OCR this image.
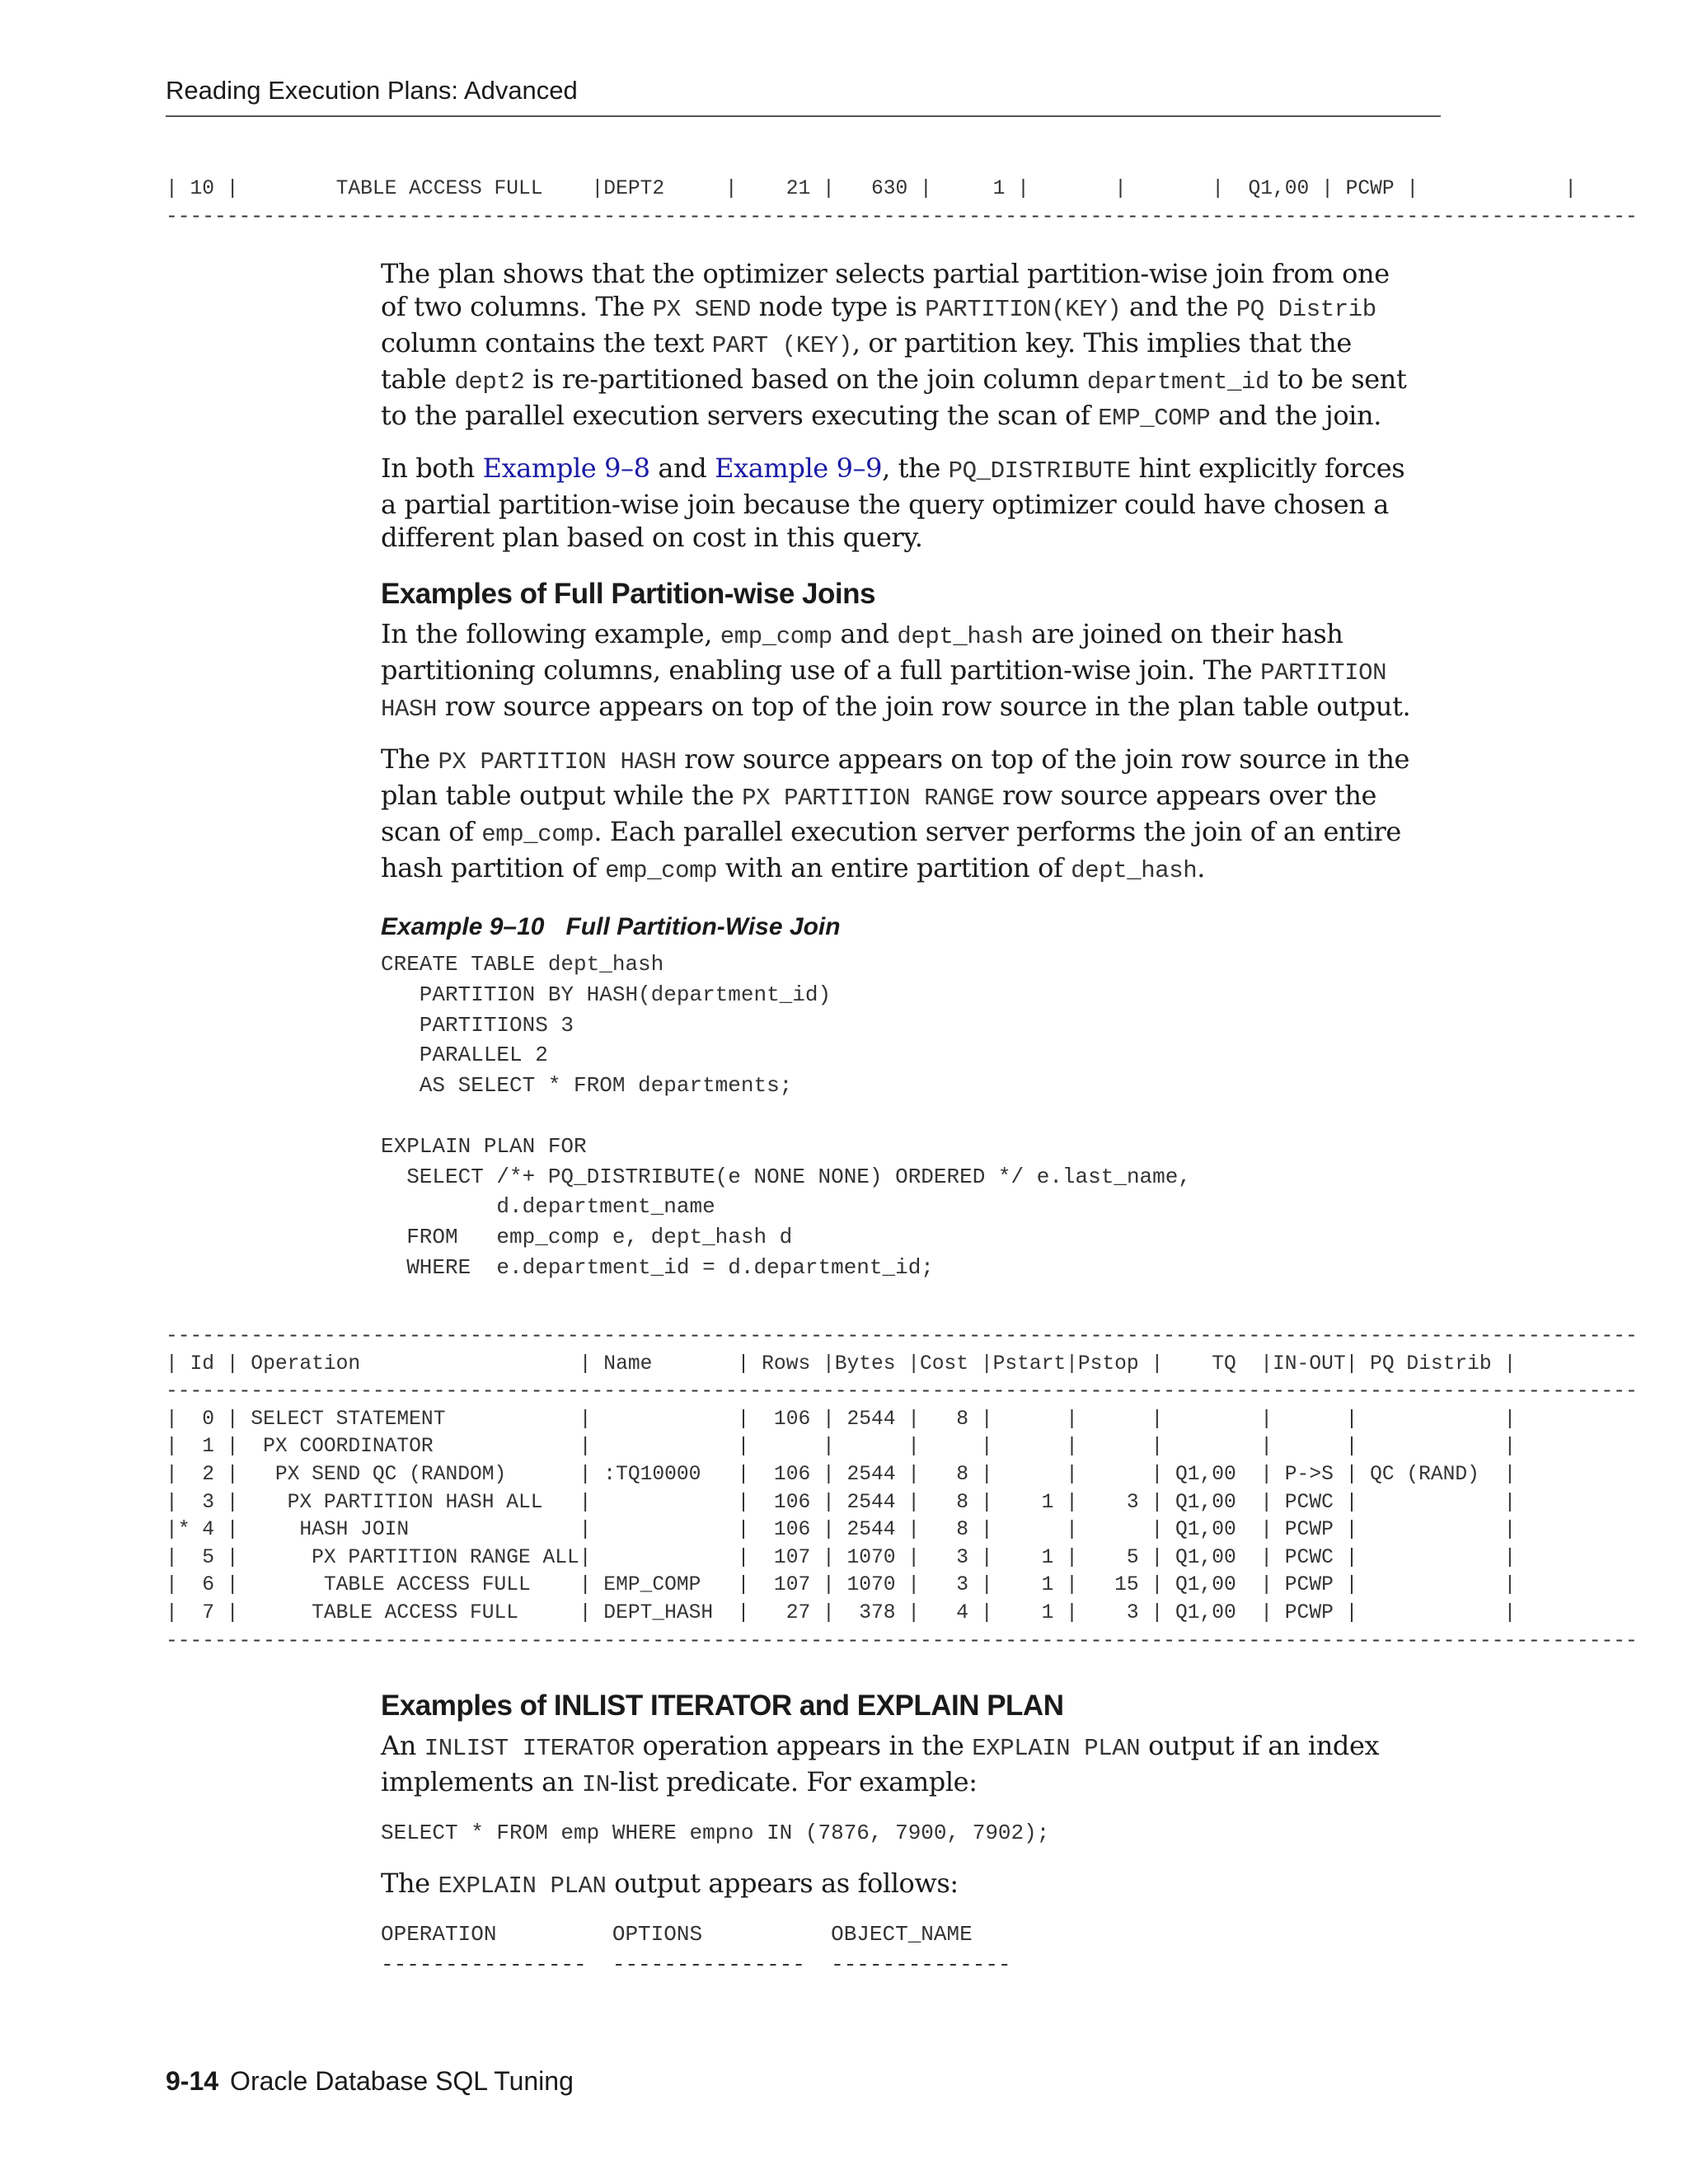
Reading Execution Plans: Advanced
| 10 |        TABLE ACCESS FULL    |DEPT2     |    21 |   630 |     1 |       |       |  Q1,00 | PCWP |            |
-------------------------------------------------------------------------------------------------------------------------

The plan shows that the optimizer selects partial partition-wise join from one of two columns. The PX SEND node type is PARTITION(KEY) and the PQ Distrib column contains the text PART (KEY), or partition key. This implies that the table dept2 is re-partitioned based on the join column department_id to be sent to the parallel execution servers executing the scan of EMP_COMP and the join.

In both Example 9–8 and Example 9–9, the PQ_DISTRIBUTE hint explicitly forces a partial partition-wise join because the query optimizer could have chosen a different plan based on cost in this query.

Examples of Full Partition-wise Joins

In the following example, emp_comp and dept_hash are joined on their hash partitioning columns, enabling use of a full partition-wise join. The PARTITION HASH row source appears on top of the join row source in the plan table output.

The PX PARTITION HASH row source appears on top of the join row source in the plan table output while the PX PARTITION RANGE row source appears over the scan of emp_comp. Each parallel execution server performs the join of an entire hash partition of emp_comp with an entire partition of dept_hash.

Example 9–10 Full Partition-Wise Join
CREATE TABLE dept_hash
PARTITION BY HASH(department_id)
PARTITIONS 3
PARALLEL 2
AS SELECT * FROM departments;

EXPLAIN PLAN FOR
SELECT /*+ PQ_DISTRIBUTE(e NONE NONE) ORDERED */ e.last_name,
d.department_name
FROM   emp_comp e, dept_hash d
WHERE  e.department_id = d.department_id;
-------------------------------------------------------------------------------------------------------------------------
| Id | Operation                  | Name       | Rows |Bytes |Cost |Pstart|Pstop |    TQ  |IN-OUT| PQ Distrib |
-------------------------------------------------------------------------------------------------------------------------
|  0 | SELECT STATEMENT           |            |  106 | 2544 |   8 |      |      |        |      |            |
|  1 |  PX COORDINATOR            |            |      |      |     |      |      |        |      |            |
|  2 |   PX SEND QC (RANDOM)      | :TQ10000   |  106 | 2544 |   8 |      |      | Q1,00  | P->S | QC (RAND)  |
|  3 |    PX PARTITION HASH ALL   |            |  106 | 2544 |   8 |    1 |    3 | Q1,00  | PCWC |            |
|* 4 |     HASH JOIN              |            |  106 | 2544 |   8 |      |      | Q1,00  | PCWP |            |
|  5 |      PX PARTITION RANGE ALL|            |  107 | 1070 |   3 |    1 |    5 | Q1,00  | PCWC |            |
|  6 |       TABLE ACCESS FULL    | EMP_COMP   |  107 | 1070 |   3 |    1 |   15 | Q1,00  | PCWP |            |
|  7 |      TABLE ACCESS FULL     | DEPT_HASH  |   27 |  378 |   4 |    1 |    3 | Q1,00  | PCWP |            |
-------------------------------------------------------------------------------------------------------------------------
Examples of INLIST ITERATOR and EXPLAIN PLAN

An INLIST ITERATOR operation appears in the EXPLAIN PLAN output if an index implements an IN-list predicate. For example:

SELECT * FROM emp WHERE empno IN (7876, 7900, 7902);

The EXPLAIN PLAN output appears as follows:

OPERATION         OPTIONS          OBJECT_NAME
----------------  ---------------  --------------
9-14 Oracle Database SQL Tuning
